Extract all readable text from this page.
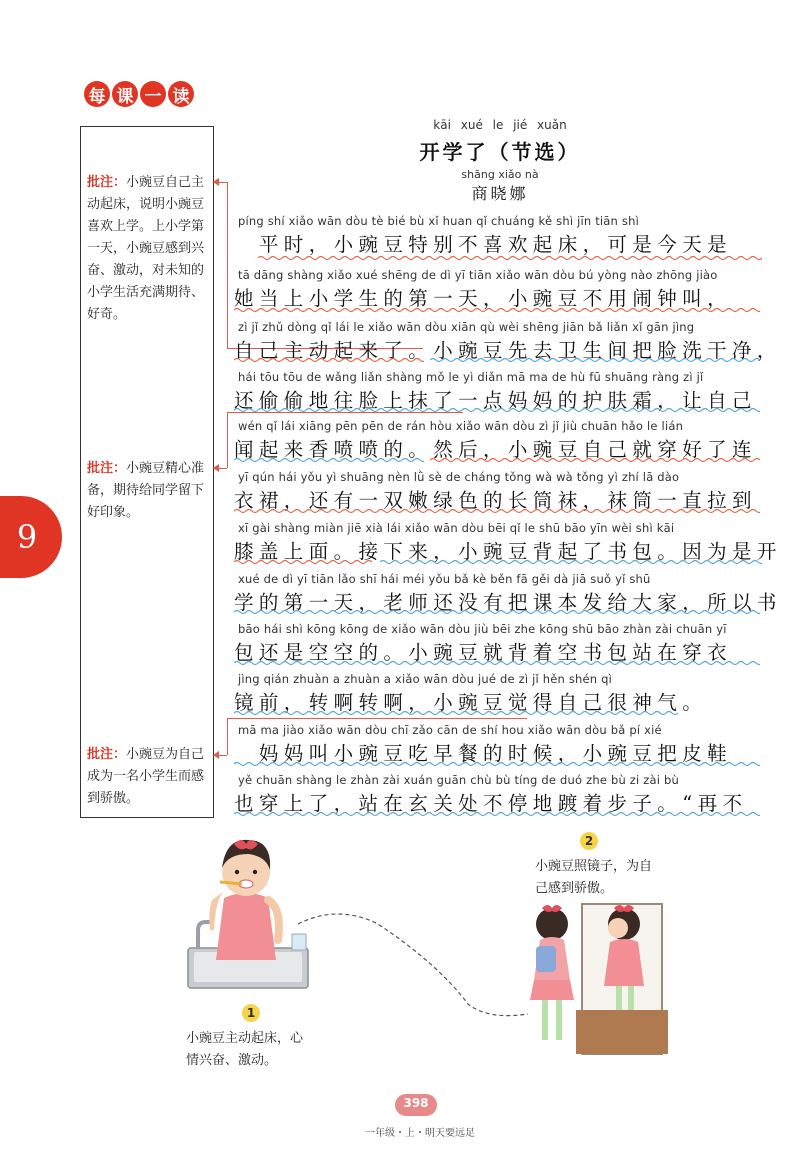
每 课 一 读
批注：小豌豆自己主动起床，说明小豌豆喜欢上学。上小学第一天，小豌豆感到兴奋、激动，对未知的小学生活充满期待、好奇。
批注：小豌豆精心准备，期待给同学留下好印象。
批注：小豌豆为自己成为一名小学生而感到骄傲。
9
kāi xué le jié xuǎn
开学了（节选）
shāng xiǎo nà
商晓娜
píng shí xiǎo wān dòu tè bié bù xǐ huan qǐ chuáng kě shì jīn tiān shì
　平时，小豌豆特别不喜欢起床，可是今天是
tā dāng shàng xiǎo xué shēng de dì yī tiān xiǎo wān dòu bú yòng nào zhōng jiào
她当上小学生的第一天，小豌豆不用闹钟叫，
zì jǐ zhǔ dòng qǐ lái le xiǎo wān dòu xiān qù wèi shēng jiān bǎ liǎn xǐ gān jìng
自己主动起来了。小豌豆先去卫生间把脸洗干净，
hái tōu tōu de wǎng liǎn shàng mǒ le yì diǎn mā ma de hù fū shuāng ràng zì jǐ
还偷偷地往脸上抹了一点妈妈的护肤霜，让自己
wén qǐ lái xiāng pēn pēn de rán hòu xiǎo wān dòu zì jǐ jiù chuān hǎo le lián
闻起来香喷喷的。然后，小豌豆自己就穿好了连
yī qún hái yǒu yì shuāng nèn lǜ sè de cháng tǒng wà wà tǒng yì zhí lā dào
衣裙，还有一双嫩绿色的长筒袜，袜筒一直拉到
xī gài shàng miàn jiē xià lái xiǎo wān dòu bēi qǐ le shū bāo yīn wèi shì kāi
膝盖上面。接下来，小豌豆背起了书包。因为是开
xué de dì yī tiān lǎo shī hái méi yǒu bǎ kè běn fā gěi dà jiā suǒ yǐ shū
学的第一天，老师还没有把课本发给大家，所以书
bāo hái shì kōng kōng de xiǎo wān dòu jiù bēi zhe kōng shū bāo zhàn zài chuān yī
包还是空空的。小豌豆就背着空书包站在穿衣
jìng qián zhuàn a zhuàn a xiǎo wān dòu jué de zì jǐ hěn shén qì
镜前，转啊转啊，小豌豆觉得自己很神气。
mā ma jiào xiǎo wān dòu chī zǎo cān de shí hou xiǎo wān dòu bǎ pí xié
　妈妈叫小豌豆吃早餐的时候，小豌豆把皮鞋
yě chuān shàng le zhàn zài xuán guān chù bù tíng de duó zhe bù zi zài bù
也穿上了，站在玄关处不停地踱着步子。“再不
1
小豌豆主动起床，心情兴奋、激动。
2
小豌豆照镜子，为自己感到骄傲。
398
一年级・上・明天要远足
